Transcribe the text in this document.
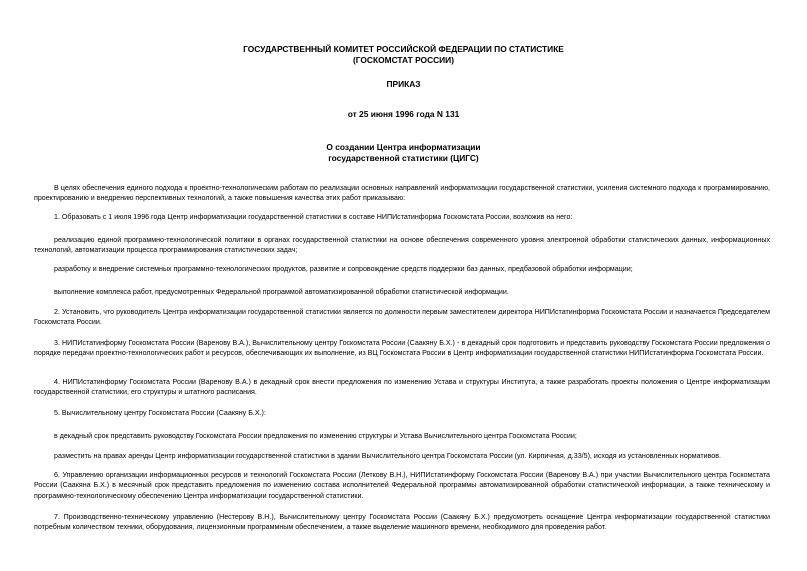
ГОСУДАРСТВЕННЫЙ КОМИТЕТ РОССИЙСКОЙ ФЕДЕРАЦИИ ПО СТАТИСТИКЕ
(ГОСКОМСТАТ РОССИИ)
ПРИКАЗ
от 25 июня 1996 года N 131
О создании Центра информатизации
государственной статистики (ЦИГС)

В целях обеспечения единого подхода к проектно-технологическим работам по реализации основных направлений информатизации государственной статистики, усиления системного подхода к программированию, проектированию и внедрению перспективных технологий, а также повышения качества этих работ приказываю:

1. Образовать с 1 июля 1996 года Центр информатизации государственной статистики в составе НИПИстатинформа Госкомстата России, возложив на него:

реализацию единой программно-технологической политики в органах государственной статистики на основе обеспечения современного уровня электронной обработки статистических данных, информационных технологий, автоматизации процесса программирования статистических задач;

разработку и внедрение системных программно-технологических продуктов, развитие и сопровождение средств поддержки баз данных, предбазовой обработки информации;

выполнение комплекса работ, предусмотренных Федеральной программой автоматизированной обработки статистической информации.

2. Установить, что руководитель Центра информатизации государственной статистики является по должности первым заместителем директора НИПИстатинформа Госкомстата России и назначается Председателем Госкомстата России.

3. НИПИстатинформу Госкомстата России (Варенову В.А.), Вычислительному центру Госкомстата России (Саакяну Б.Х.) - в декадный срок подготовить и представить руководству Госкомстата России предложения о порядке передачи проектно-технологических работ и ресурсов, обеспечивающих их выполнение, из ВЦ Госкомстата России в Центр информатизации государственной статистики НИПИстатинформа Госкомстата России.

4. НИПИстатинформу Госкомстата России (Варенову В.А.) в декадный срок внести предложения по изменению Устава и структуры Института, а также разработать проекты положения о Центре информатизации государственной статистики, его структуры и штатного расписания.

5. Вычислительному центру Госкомстата России (Саакяну Б.Х.):

в декадный срок представить руководству Госкомстата России предложения по изменению структуры и Устава Вычислительного центра Госкомстата России;

разместить на правах аренды Центр информатизации государственной статистики в здании Вычислительного центра Госкомстата России (ул. Кирпичная, д.33/5), исходя из установленных нормативов.

6. Управлению организации информационных ресурсов и технологий Госкомстата России (Леткову В.Н.), НИПИстатинформу Госкомстата России (Варенову В.А.) при участии Вычислительного центра Госкомстата России (Саакяна Б.Х.) в месячный срок представить предложения по изменению состава исполнителей Федеральной программы автоматизированной обработки статистической информации, а также техническому и программно-технологическому обеспечению Центра информатизации государственной статистики.

7. Производственно-техническому управлению (Нестерову В.Н.), Вычислительному центру Госкомстата России (Саакяну Б.Х.) предусмотреть оснащение Центра информатизации государственной статистики потребным количеством техники, оборудования, лицензионным программным обеспечением, а также выделение машинного времени, необходимого для проведения работ.
